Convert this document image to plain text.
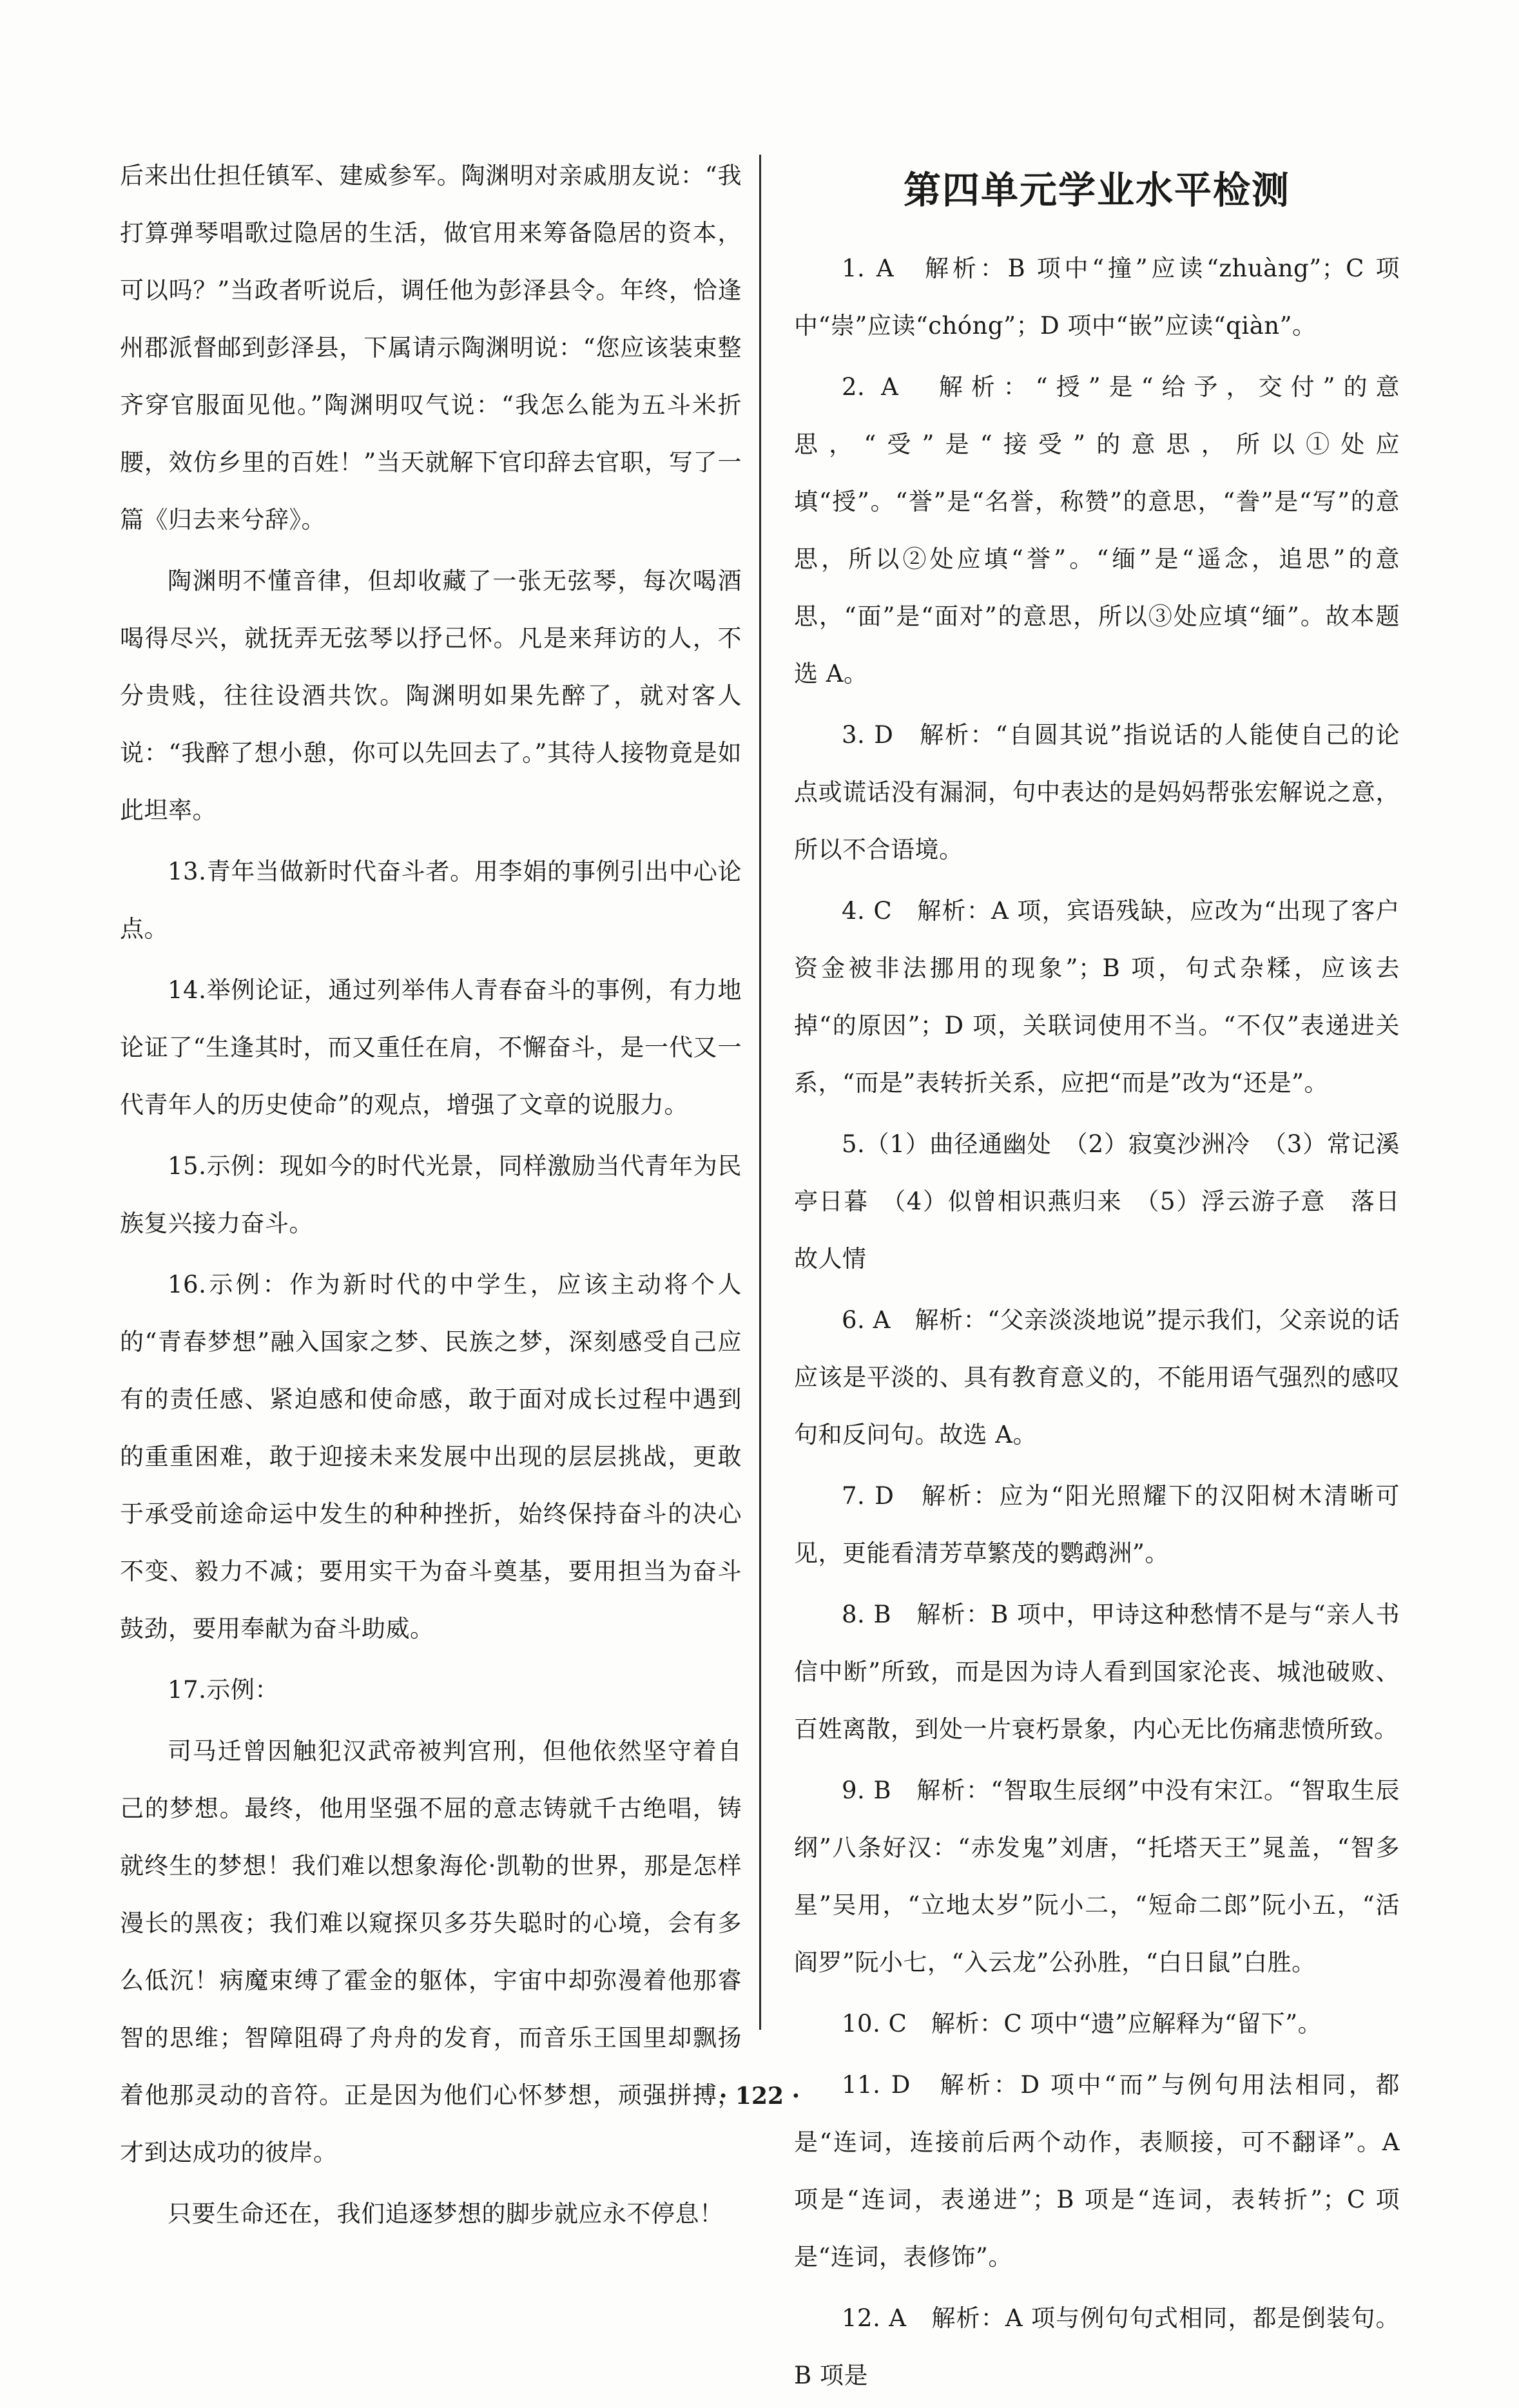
后来出仕担任镇军、建威参军。陶渊明对亲戚朋友说：“我打算弹琴唱歌过隐居的生活，做官用来筹备隐居的资本，可以吗？”当政者听说后，调任他为彭泽县令。年终，恰逢州郡派督邮到彭泽县，下属请示陶渊明说：“您应该装束整齐穿官服面见他。”陶渊明叹气说：“我怎么能为五斗米折腰，效仿乡里的百姓！”当天就解下官印辞去官职，写了一篇《归去来兮辞》。

陶渊明不懂音律，但却收藏了一张无弦琴，每次喝酒喝得尽兴，就抚弄无弦琴以抒己怀。凡是来拜访的人，不分贵贱，往往设酒共饮。陶渊明如果先醉了，就对客人说：“我醉了想小憩，你可以先回去了。”其待人接物竟是如此坦率。

13.青年当做新时代奋斗者。用李娟的事例引出中心论点。

14.举例论证，通过列举伟人青春奋斗的事例，有力地论证了“生逢其时，而又重任在肩，不懈奋斗，是一代又一代青年人的历史使命”的观点，增强了文章的说服力。

15.示例：现如今的时代光景，同样激励当代青年为民族复兴接力奋斗。

16.示例：作为新时代的中学生，应该主动将个人的“青春梦想”融入国家之梦、民族之梦，深刻感受自己应有的责任感、紧迫感和使命感，敢于面对成长过程中遇到的重重困难，敢于迎接未来发展中出现的层层挑战，更敢于承受前途命运中发生的种种挫折，始终保持奋斗的决心不变、毅力不减；要用实干为奋斗奠基，要用担当为奋斗鼓劲，要用奉献为奋斗助威。

17.示例：

司马迁曾因触犯汉武帝被判宫刑，但他依然坚守着自己的梦想。最终，他用坚强不屈的意志铸就千古绝唱，铸就终生的梦想！我们难以想象海伦·凯勒的世界，那是怎样漫长的黑夜；我们难以窥探贝多芬失聪时的心境，会有多么低沉！病魔束缚了霍金的躯体，宇宙中却弥漫着他那睿智的思维；智障阻碍了舟舟的发育，而音乐王国里却飘扬着他那灵动的音符。正是因为他们心怀梦想，顽强拼搏，才到达成功的彼岸。

只要生命还在，我们追逐梦想的脚步就应永不停息！

第四单元学业水平检测

1. A　解析：B 项中“撞”应读“zhuàng”；C 项中“崇”应读“chóng”；D 项中“嵌”应读“qiàn”。

2. A　解析：“授”是“给予，交付”的意思，“受”是“接受”的意思，所以①处应填“授”。“誉”是“名誉，称赞”的意思，“誊”是“写”的意思，所以②处应填“誉”。“缅”是“遥念，追思”的意思，“面”是“面对”的意思，所以③处应填“缅”。故本题选 A。

3. D　解析：“自圆其说”指说话的人能使自己的论点或谎话没有漏洞，句中表达的是妈妈帮张宏解说之意，所以不合语境。

4. C　解析：A 项，宾语残缺，应改为“出现了客户资金被非法挪用的现象”；B 项，句式杂糅，应该去掉“的原因”；D 项，关联词使用不当。“不仅”表递进关系，“而是”表转折关系，应把“而是”改为“还是”。

5.（1）曲径通幽处　（2）寂寞沙洲冷　（3）常记溪亭日暮　（4）似曾相识燕归来　（5）浮云游子意　落日故人情

6. A　解析：“父亲淡淡地说”提示我们，父亲说的话应该是平淡的、具有教育意义的，不能用语气强烈的感叹句和反问句。故选 A。

7. D　解析：应为“阳光照耀下的汉阳树木清晰可见，更能看清芳草繁茂的鹦鹉洲”。

8. B　解析：B 项中，甲诗这种愁情不是与“亲人书信中断”所致，而是因为诗人看到国家沦丧、城池破败、百姓离散，到处一片衰朽景象，内心无比伤痛悲愤所致。

9. B　解析：“智取生辰纲”中没有宋江。“智取生辰纲”八条好汉：“赤发鬼”刘唐，“托塔天王”晁盖，“智多星”吴用，“立地太岁”阮小二，“短命二郎”阮小五，“活阎罗”阮小七，“入云龙”公孙胜，“白日鼠”白胜。

10. C　解析：C 项中“遗”应解释为“留下”。

11. D　解析：D 项中“而”与例句用法相同，都是“连词，连接前后两个动作，表顺接，可不翻译”。A 项是“连词，表递进”；B 项是“连词，表转折”；C 项是“连词，表修饰”。

12. A　解析：A 项与例句句式相同，都是倒装句。B 项是

· 122 ·
